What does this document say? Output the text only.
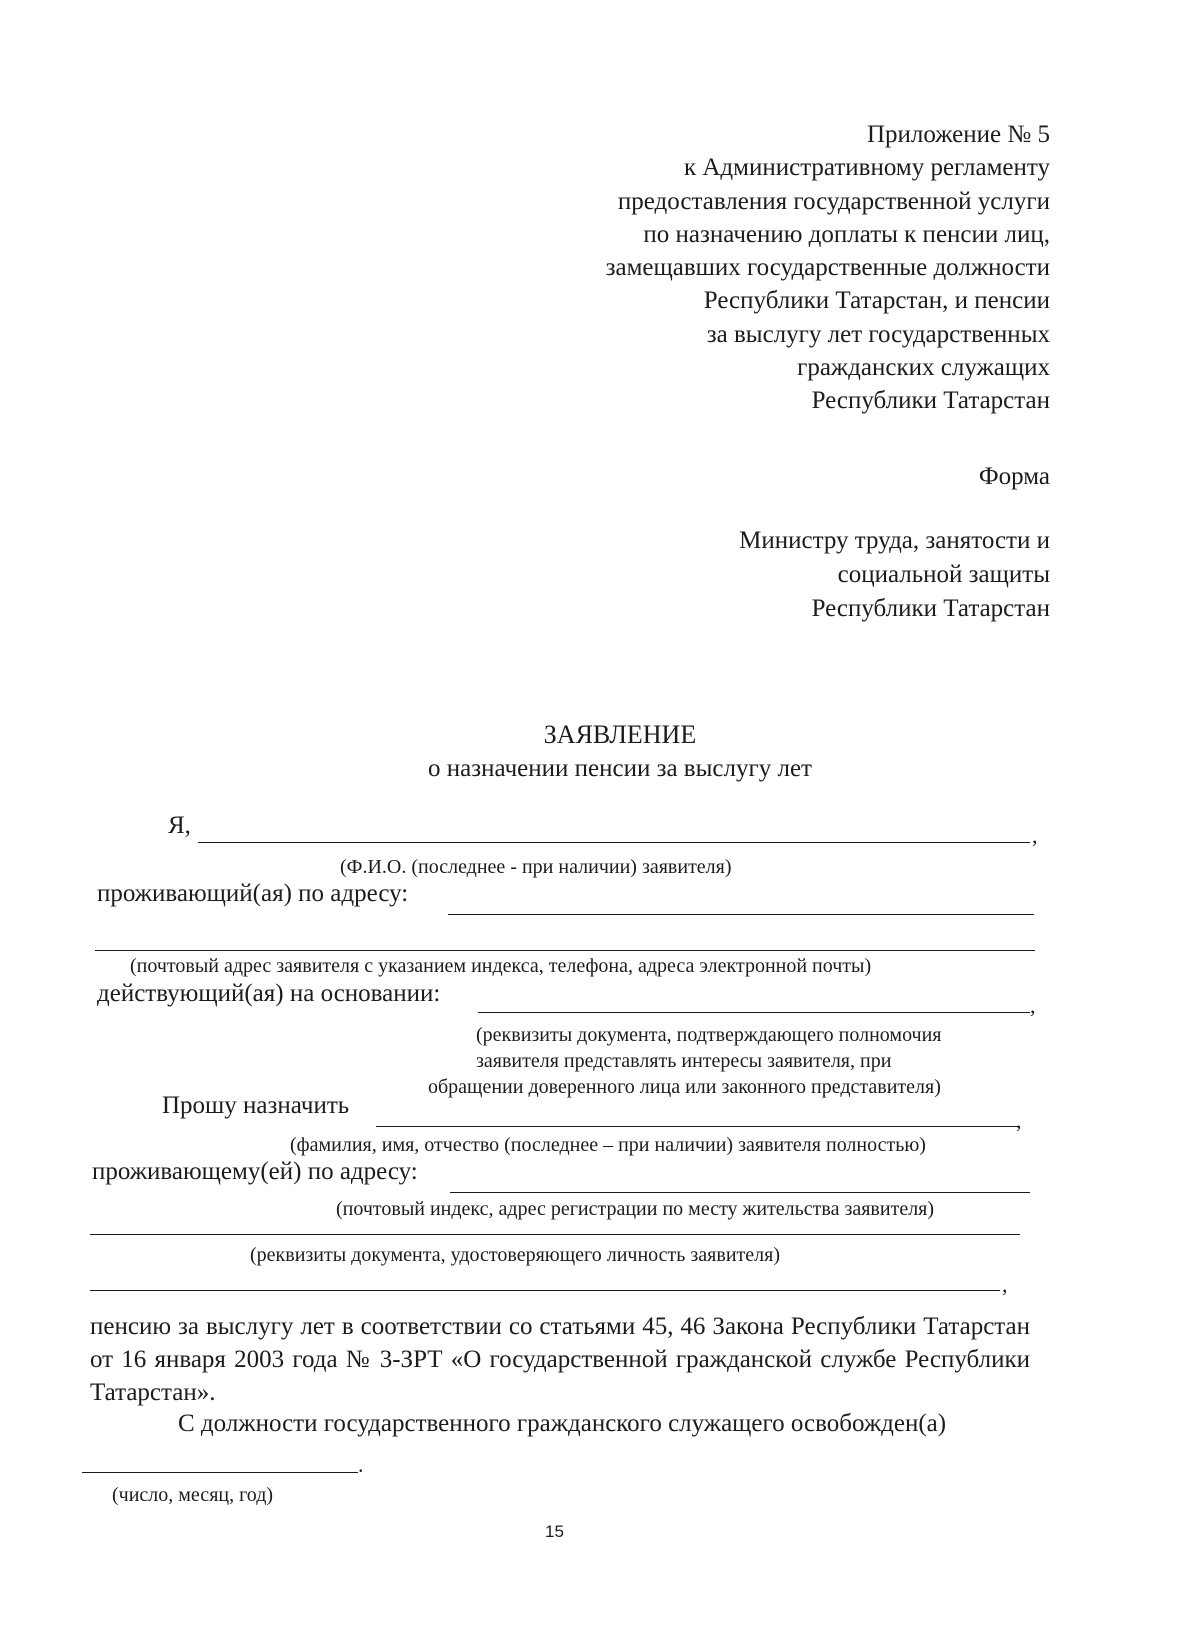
Приложение № 5
к Административному регламенту
предоставления государственной услуги
по назначению доплаты к пенсии лиц,
замещавших государственные должности
Республики Татарстан, и пенсии
за выслугу лет государственных
гражданских служащих
Республики Татарстан
Форма
Министру труда, занятости и
социальной защиты
Республики Татарстан
ЗАЯВЛЕНИЕ
о назначении пенсии за выслугу лет
Я,	,
(Ф.И.О. (последнее - при наличии) заявителя)
проживающий(ая) по адресу:
(почтовый адрес заявителя с указанием индекса, телефона, адреса электронной почты)
действующий(ая) на основании:	,
(реквизиты документа, подтверждающего полномочия
заявителя представлять интересы заявителя, при
обращении доверенного лица или законного представителя)
Прошу назначить
,
(фамилия, имя, отчество (последнее – при наличии) заявителя полностью)
проживающему(ей) по адресу:
(почтовый индекс, адрес регистрации по месту жительства заявителя)
(реквизиты документа, удостоверяющего личность заявителя)
,
пенсию за выслугу лет в соответствии со статьями 45, 46 Закона Республики Татарстан от 16 января 2003 года № 3-ЗРТ «О государственной гражданской службе Республики Татарстан».
С должности государственного гражданского служащего освобожден(а)
.
(число, месяц, год)
15
